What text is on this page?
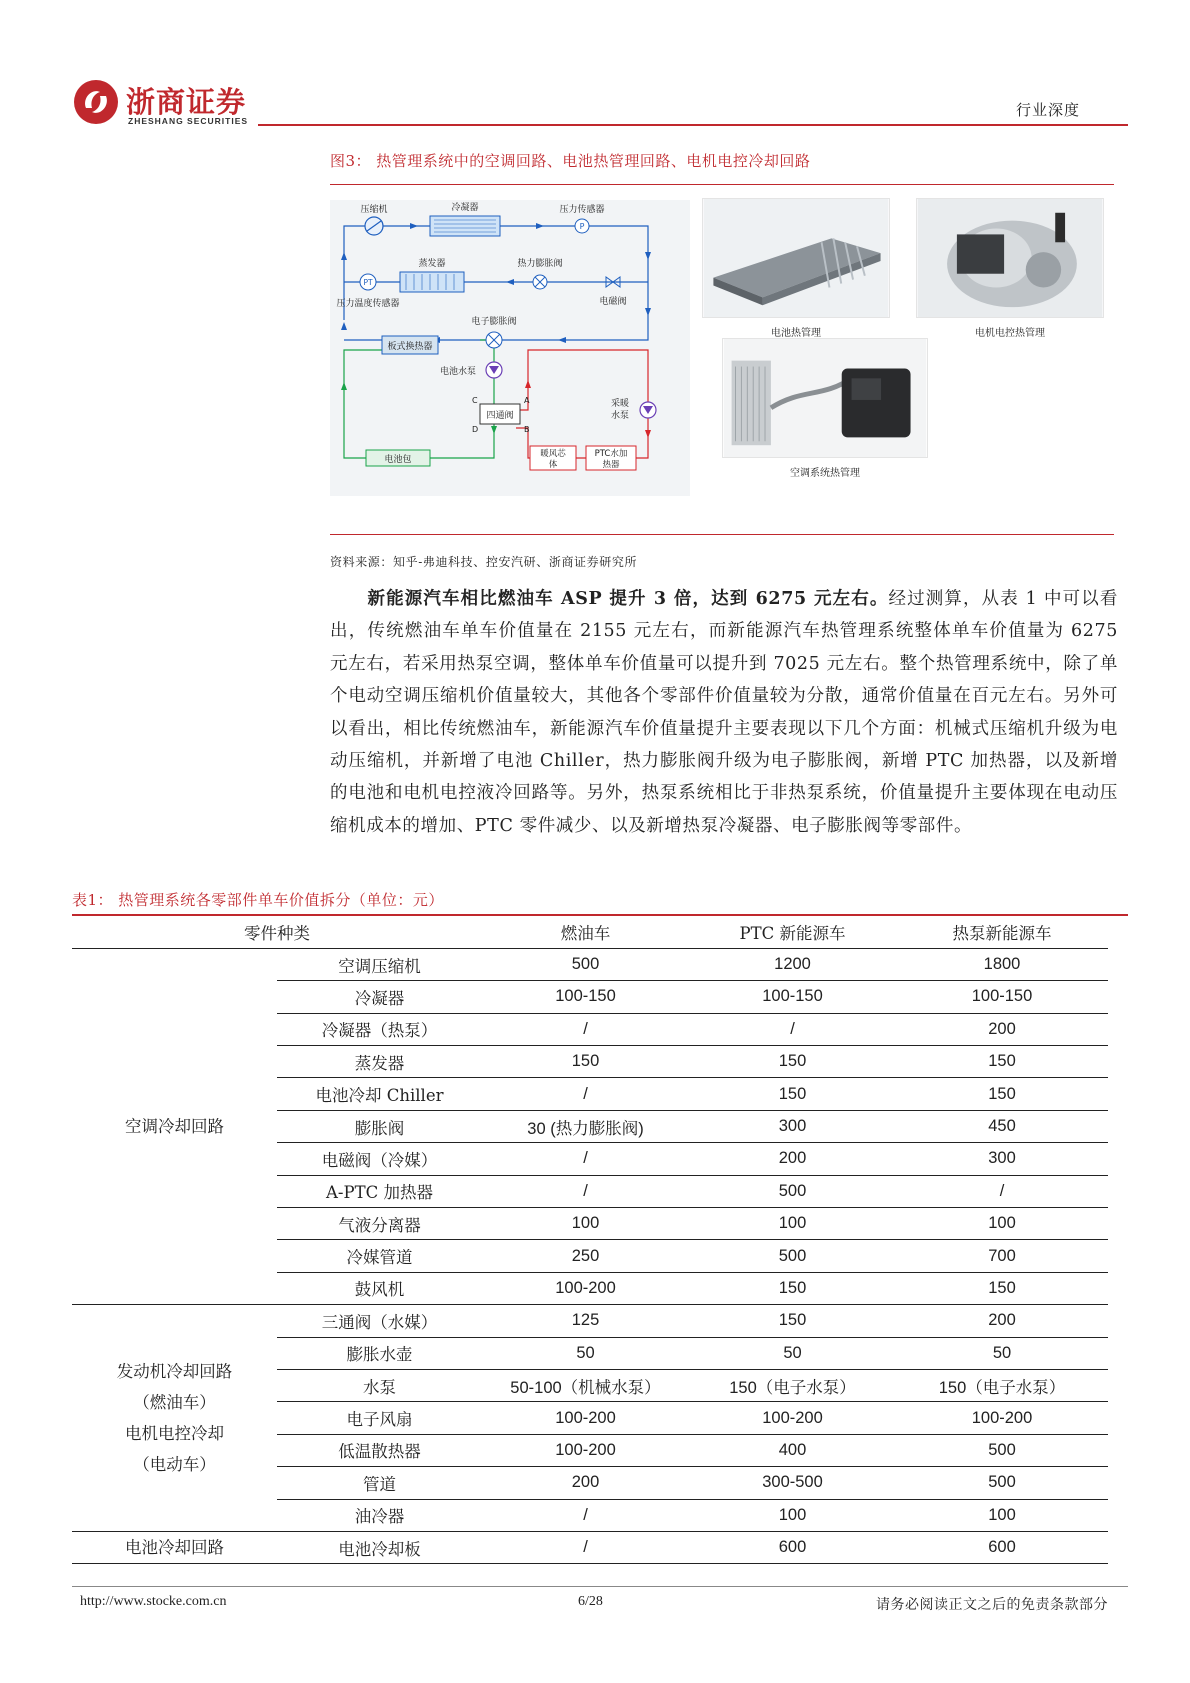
浙商证券
ZHESHANG SECURITIES
行业深度
图3： 热管理系统中的空调回路、电池热管理回路、电机电控冷却回路
压缩机	冷凝器
P
压力传感器
PT
压力温度传感器
蒸发器	热力膨胀阀
电磁阀
电子膨胀阀
板式换热器
电池水泵
四通阀
C
D
A
B
采暖
水泵
暖风芯
体
PTC水加
热器
电池包
电池热管理	电机电控热管理
空调系统热管理
资料来源：知乎-弗迪科技、控安汽研、浙商证券研究所
新能源汽车相比燃油车 ASP 提升 3 倍，达到 6275 元左右。经过测算，从表 1 中可以看出，传统燃油车单车价值量在 2155 元左右，而新能源汽车热管理系统整体单车价值量为 6275 元左右，若采用热泵空调，整体单车价值量可以提升到 7025 元左右。整个热管理系统中，除了单个电动空调压缩机价值量较大，其他各个零部件价值量较为分散，通常价值量在百元左右。另外可以看出，相比传统燃油车，新能源汽车价值量提升主要表现以下几个方面：机械式压缩机升级为电动压缩机，并新增了电池 Chiller，热力膨胀阀升级为电子膨胀阀，新增 PTC 加热器，以及新增的电池和电机电控液冷回路等。另外，热泵系统相比于非热泵系统，价值量提升主要体现在电动压缩机成本的增加、PTC 零件减少、以及新增热泵冷凝器、电子膨胀阀等零部件。
表1： 热管理系统各零部件单车价值拆分（单位：元）
零件种类		燃油车	PTC 新能源车	热泵新能源车

空调冷却回路	空调压缩机	500	1200	1800
	冷凝器	100-150	100-150	100-150
	冷凝器（热泵）	/	/	200
	蒸发器	150	150	150
	电池冷却 Chiller	/	150	150
	膨胀阀	30 (热力膨胀阀)	300	450
	电磁阀（冷媒）	/	200	300
	A-PTC 加热器	/	500	/
	气液分离器	100	100	100
	冷媒管道	250	500	700
	鼓风机	100-200	150	150

发动机冷却回路
（燃油车）
电机电控冷却
（电动车）	三通阀（水媒）	125	150	200
	膨胀水壶	50	50	50
	水泵	50-100（机械水泵）	150（电子水泵）	150（电子水泵）
	电子风扇	100-200	100-200	100-200
	低温散热器	100-200	400	500
	管道	200	300-500	500
	油冷器	/	100	100

电池冷却回路	电池冷却板	/	600	600
http://www.stocke.com.cn	6/28	请务必阅读正文之后的免责条款部分
